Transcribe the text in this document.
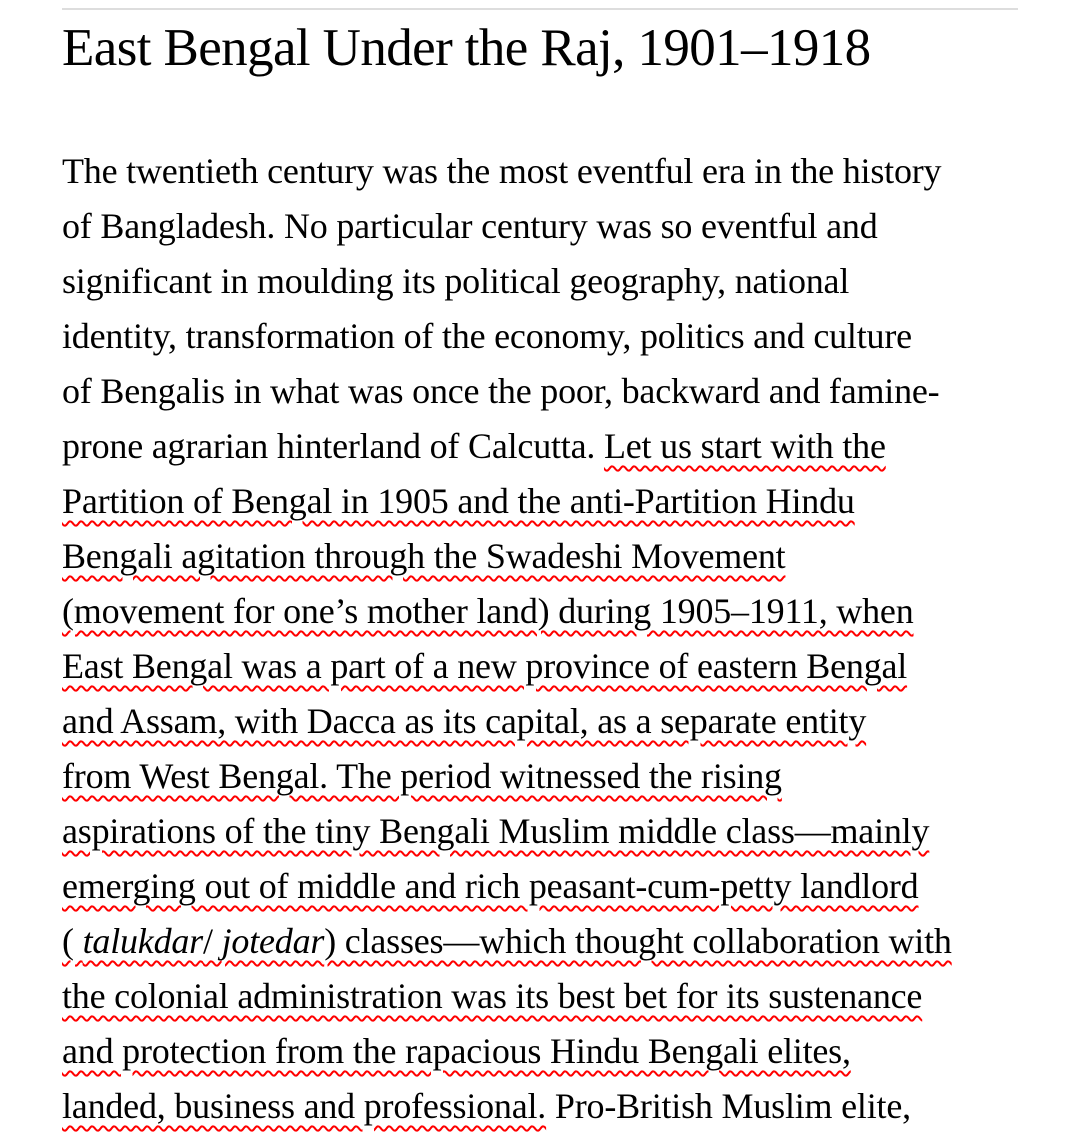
East Bengal Under the Raj, 1901–1918
The twentieth century was the most eventful era in the history
of Bangladesh. No particular century was so eventful and
significant in moulding its political geography, national
identity, transformation of the economy, politics and culture
of Bengalis in what was once the poor, backward and famine-
prone agrarian hinterland of Calcutta. Let us start with the
Partition of Bengal in 1905 and the anti-Partition Hindu
Bengali agitation through the Swadeshi Movement
(movement for one’s mother land) during 1905–1911, when
East Bengal was a part of a new province of eastern Bengal
and Assam, with Dacca as its capital, as a separate entity
from West Bengal. The period witnessed the rising
aspirations of the tiny Bengali Muslim middle class—mainly
emerging out of middle and rich peasant-cum-petty landlord
( talukdar/ jotedar) classes—which thought collaboration with
the colonial administration was its best bet for its sustenance
and protection from the rapacious Hindu Bengali elites,
landed, business and professional. Pro-British Muslim elite,
